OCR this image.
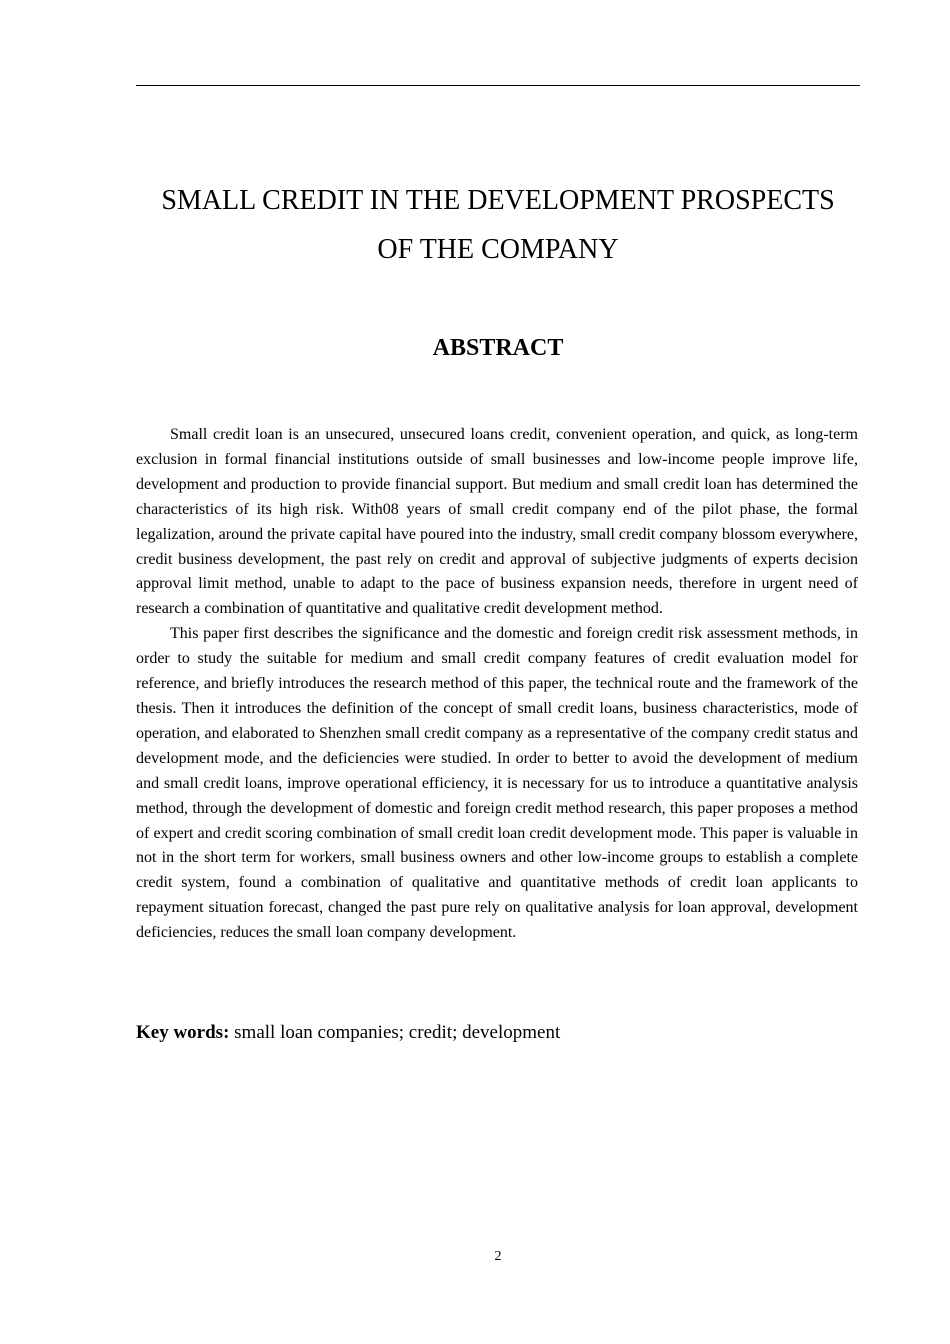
SMALL CREDIT IN THE DEVELOPMENT PROSPECTS
OF THE COMPANY
ABSTRACT

Small credit loan is an unsecured, unsecured loans credit, convenient operation, and quick, as long-term exclusion in formal financial institutions outside of small businesses and low-income people improve life, development and production to provide financial support. But medium and small credit loan has determined the characteristics of its high risk. With08 years of small credit company end of the pilot phase, the formal legalization, around the private capital have poured into the industry, small credit company blossom everywhere, credit business development, the past rely on credit and approval of subjective judgments of experts decision approval limit method, unable to adapt to the pace of business expansion needs, therefore in urgent need of research a combination of quantitative and qualitative credit development method.

This paper first describes the significance and the domestic and foreign credit risk assessment methods, in order to study the suitable for medium and small credit company features of credit evaluation model for reference, and briefly introduces the research method of this paper, the technical route and the framework of the thesis. Then it introduces the definition of the concept of small credit loans, business characteristics, mode of operation, and elaborated to Shenzhen small credit company as a representative of the company credit status and development mode, and the deficiencies were studied. In order to better to avoid the development of medium and small credit loans, improve operational efficiency, it is necessary for us to introduce a quantitative analysis method, through the development of domestic and foreign credit method research, this paper proposes a method of expert and credit scoring combination of small credit loan credit development mode. This paper is valuable in not in the short term for workers, small business owners and other low-income groups to establish a complete credit system, found a combination of qualitative and quantitative methods of credit loan applicants to repayment situation forecast, changed the past pure rely on qualitative analysis for loan approval, development deficiencies, reduces the small loan company development.

Key words: small loan companies; credit; development
2
